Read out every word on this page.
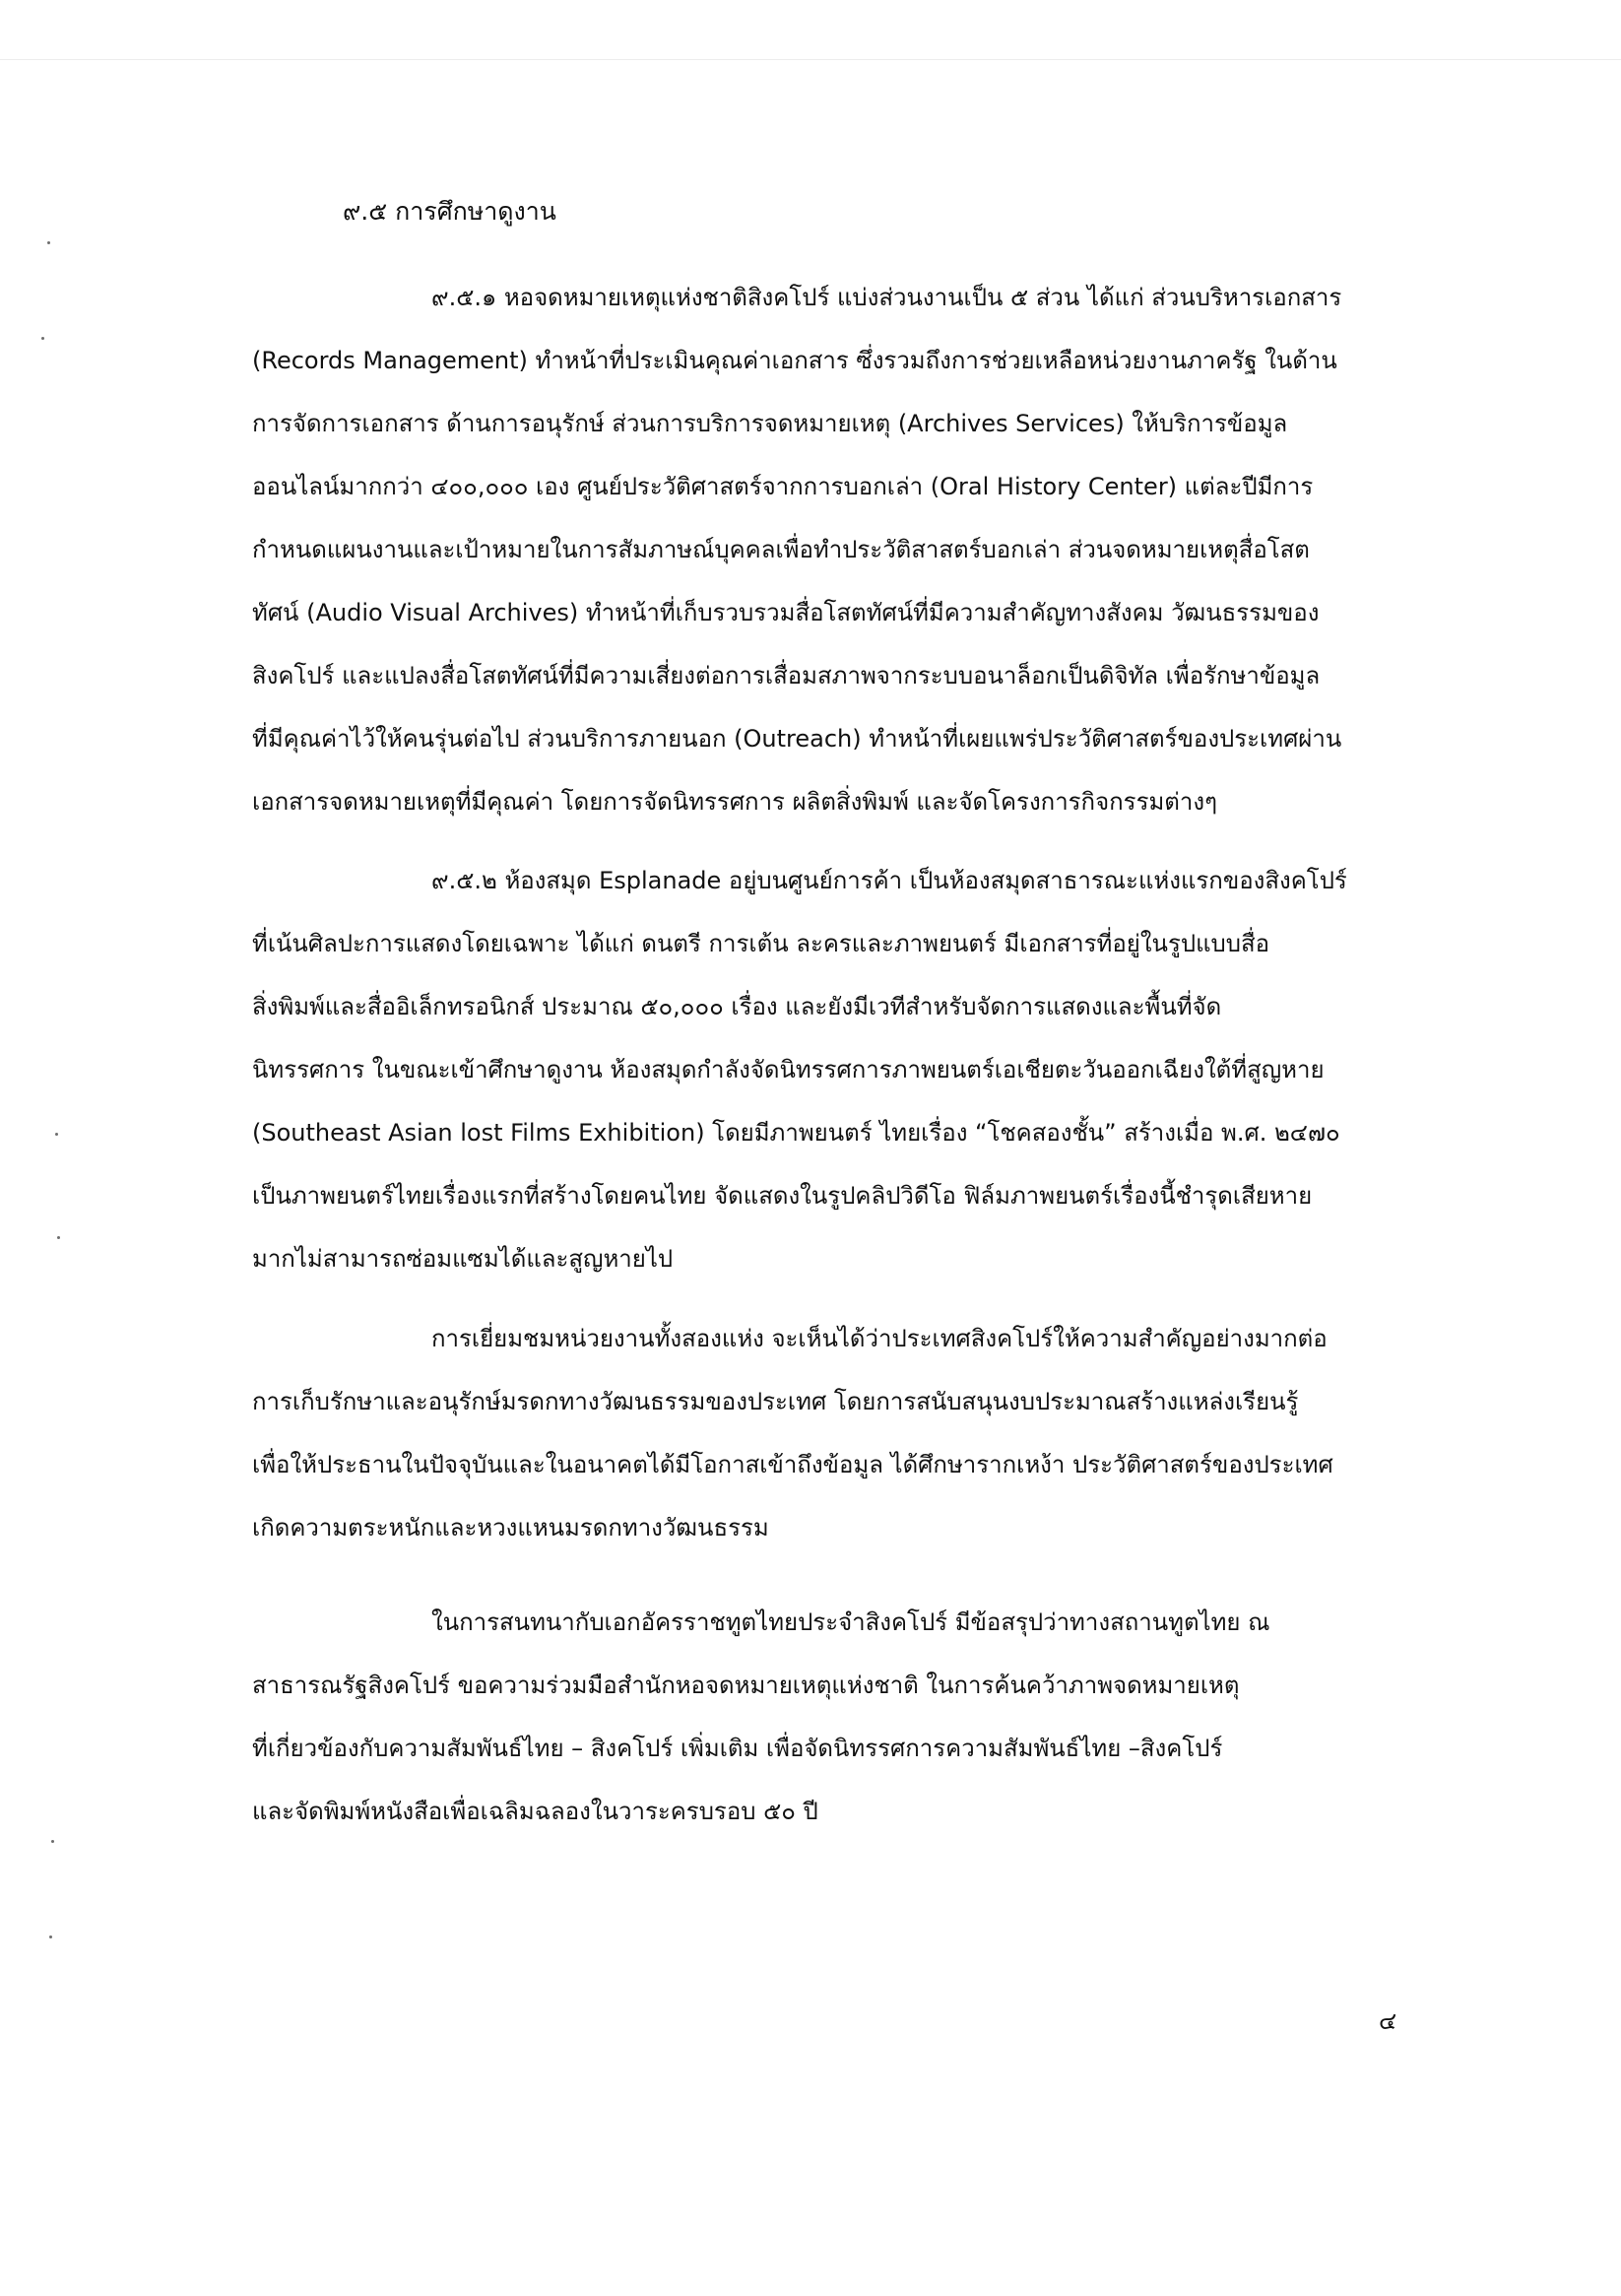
๙.๕ การศึกษาดูงาน
๙.๕.๑ หอจดหมายเหตุแห่งชาติสิงคโปร์ แบ่งส่วนงานเป็น ๕ ส่วน ได้แก่ ส่วนบริหารเอกสาร
(Records Management) ทำหน้าที่ประเมินคุณค่าเอกสาร ซึ่งรวมถึงการช่วยเหลือหน่วยงานภาครัฐ ในด้าน
การจัดการเอกสาร ด้านการอนุรักษ์ ส่วนการบริการจดหมายเหตุ (Archives Services) ให้บริการข้อมูล
ออนไลน์มากกว่า ๔๐๐,๐๐๐ เอง ศูนย์ประวัติศาสตร์จากการบอกเล่า (Oral History Center) แต่ละปีมีการ
กำหนดแผนงานและเป้าหมายในการสัมภาษณ์บุคคลเพื่อทำประวัติสาสตร์บอกเล่า ส่วนจดหมายเหตุสื่อโสต
ทัศน์ (Audio Visual Archives) ทำหน้าที่เก็บรวบรวมสื่อโสตทัศน์ที่มีความสำคัญทางสังคม วัฒนธรรมของ
สิงคโปร์ และแปลงสื่อโสตทัศน์ที่มีความเสี่ยงต่อการเสื่อมสภาพจากระบบอนาล็อกเป็นดิจิทัล เพื่อรักษาข้อมูล
ที่มีคุณค่าไว้ให้คนรุ่นต่อไป ส่วนบริการภายนอก (Outreach) ทำหน้าที่เผยแพร่ประวัติศาสตร์ของประเทศผ่าน
เอกสารจดหมายเหตุที่มีคุณค่า โดยการจัดนิทรรศการ ผลิตสิ่งพิมพ์ และจัดโครงการกิจกรรมต่างๆ
๙.๕.๒ ห้องสมุด Esplanade อยู่บนศูนย์การค้า เป็นห้องสมุดสาธารณะแห่งแรกของสิงคโปร์
ที่เน้นศิลปะการแสดงโดยเฉพาะ ได้แก่ ดนตรี การเต้น ละครและภาพยนตร์ มีเอกสารที่อยู่ในรูปแบบสื่อ
สิ่งพิมพ์และสื่ออิเล็กทรอนิกส์ ประมาณ ๕๐,๐๐๐ เรื่อง และยังมีเวทีสำหรับจัดการแสดงและพื้นที่จัด
นิทรรศการ ในขณะเข้าศึกษาดูงาน ห้องสมุดกำลังจัดนิทรรศการภาพยนตร์เอเชียตะวันออกเฉียงใต้ที่สูญหาย
(Southeast Asian lost Films Exhibition) โดยมีภาพยนตร์ ไทยเรื่อง “โชคสองชั้น” สร้างเมื่อ พ.ศ. ๒๔๗๐
เป็นภาพยนตร์ไทยเรื่องแรกที่สร้างโดยคนไทย จัดแสดงในรูปคลิปวิดีโอ ฟิล์มภาพยนตร์เรื่องนี้ชำรุดเสียหาย
มากไม่สามารถซ่อมแซมได้และสูญหายไป
การเยี่ยมชมหน่วยงานทั้งสองแห่ง จะเห็นได้ว่าประเทศสิงคโปร์ให้ความสำคัญอย่างมากต่อ
การเก็บรักษาและอนุรักษ์มรดกทางวัฒนธรรมของประเทศ โดยการสนับสนุนงบประมาณสร้างแหล่งเรียนรู้
เพื่อให้ประธานในปัจจุบันและในอนาคตได้มีโอกาสเข้าถึงข้อมูล ได้ศึกษารากเหง้า ประวัติศาสตร์ของประเทศ
เกิดความตระหนักและหวงแหนมรดกทางวัฒนธรรม
ในการสนทนากับเอกอัครราชทูตไทยประจำสิงคโปร์ มีข้อสรุปว่าทางสถานทูตไทย ณ
สาธารณรัฐสิงคโปร์ ขอความร่วมมือสำนักหอจดหมายเหตุแห่งชาติ ในการค้นคว้าภาพจดหมายเหตุ
ที่เกี่ยวข้องกับความสัมพันธ์ไทย – สิงคโปร์ เพิ่มเติม เพื่อจัดนิทรรศการความสัมพันธ์ไทย –สิงคโปร์
และจัดพิมพ์หนังสือเพื่อเฉลิมฉลองในวาระครบรอบ ๕๐ ปี
๔
